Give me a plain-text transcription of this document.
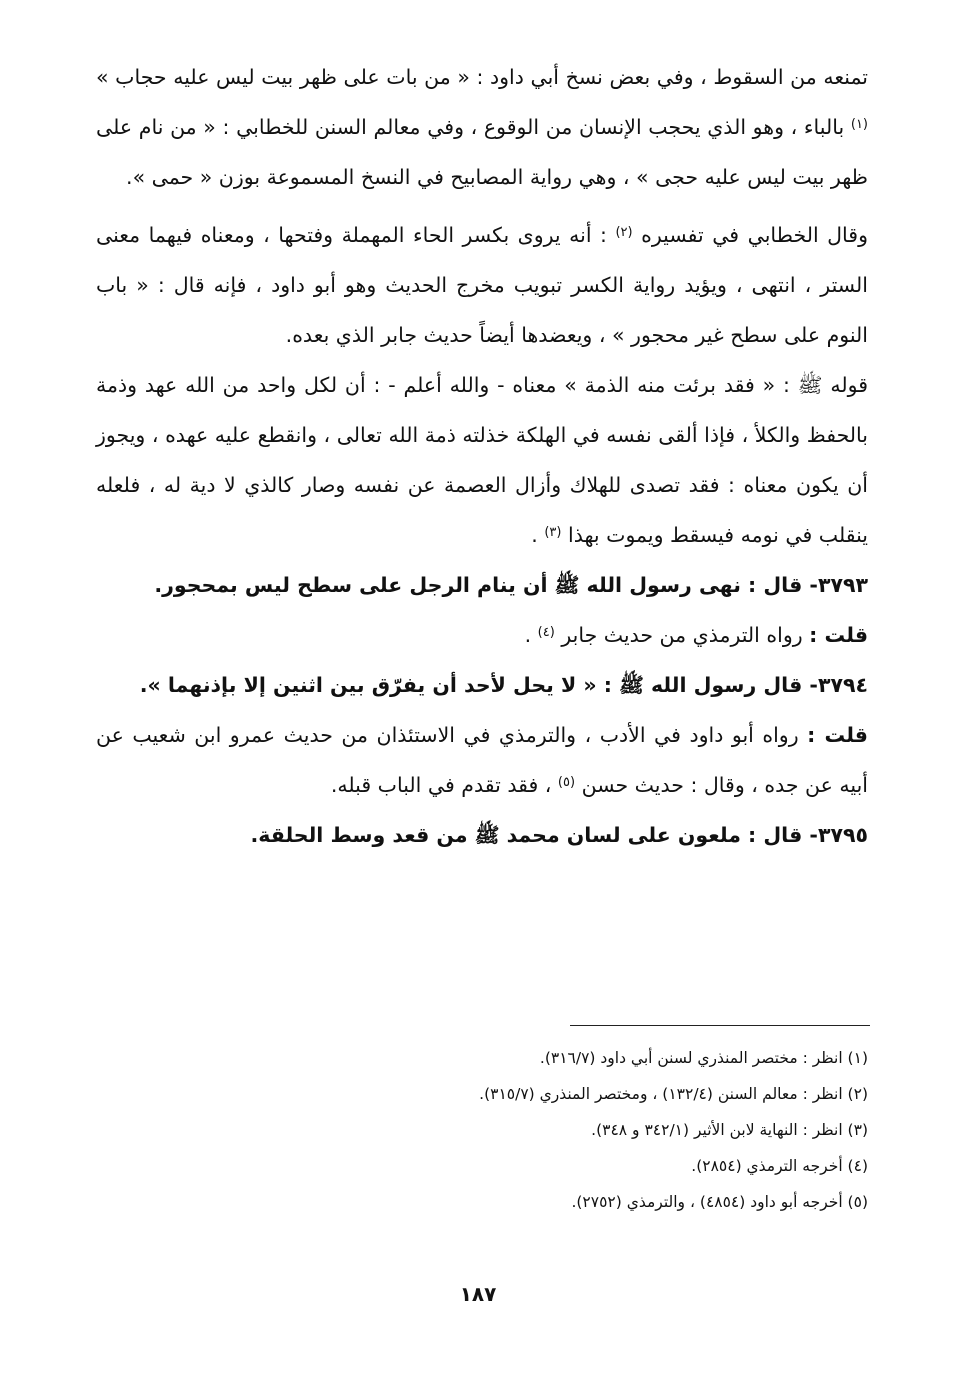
تمنعه من السقوط ، وفي بعض نسخ أبي داود : « من بات على ظهر بيت ليس عليه حجاب » $^{(١)}$ بالباء ، وهو الذي يحجب الإنسان من الوقوع ، وفي معالم السنن للخطابي : « من نام على ظهر بيت ليس عليه حجى » ، وهي رواية المصابيح في النسخ المسموعة بوزن « حمى ».

وقال الخطابي في تفسيره $^{(٢)}$ : أنه يروى بكسر الحاء المهملة وفتحها ، ومعناه فيهما معنى الستر ، انتهى ، ويؤيد رواية الكسر تبويب مخرج الحديث وهو أبو داود ، فإنه قال : « باب النوم على سطح غير محجور » ، ويعضدها أيضاً حديث جابر الذي بعده.

قوله ﷺ : « فقد برئت منه الذمة » معناه - والله أعلم - : أن لكل واحد من الله عهد وذمة بالحفظ والكلأ ، فإذا ألقى نفسه في الهلكة خذلته ذمة الله تعالى ، وانقطع عليه عهده ، ويجوز أن يكون معناه : فقد تصدى للهلاك وأزال العصمة عن نفسه وصار كالذي لا دية له ، فلعله ينقلب في نومه فيسقط ويموت بهذا $^{(٣)}$ .

٣٧٩٣- قال : نهى رسول الله ﷺ أن ينام الرجل على سطح ليس بمحجور.

قلت : رواه الترمذي من حديث جابر $^{(٤)}$ .

٣٧٩٤- قال رسول الله ﷺ : « لا يحل لأحد أن يفرّق بين اثنين إلا بإذنهما ».

قلت : رواه أبو داود في الأدب ، والترمذي في الاستئذان من حديث عمرو ابن شعيب عن أبيه عن جده ، وقال : حديث حسن $^{(٥)}$ ، فقد تقدم في الباب قبله.

٣٧٩٥- قال : ملعون على لسان محمد ﷺ من قعد وسط الحلقة.

(١) انظر : مختصر المنذري لسنن أبي داود (٣١٦/٧).

(٢) انظر : معالم السنن (١٣٢/٤) ، ومختصر المنذري (٣١٥/٧).

(٣) انظر : النهاية لابن الأثير (٣٤٢/١ و ٣٤٨).

(٤) أخرجه الترمذي (٢٨٥٤).

(٥) أخرجه أبو داود (٤٨٥٤) ، والترمذي (٢٧٥٢).

١٨٧
